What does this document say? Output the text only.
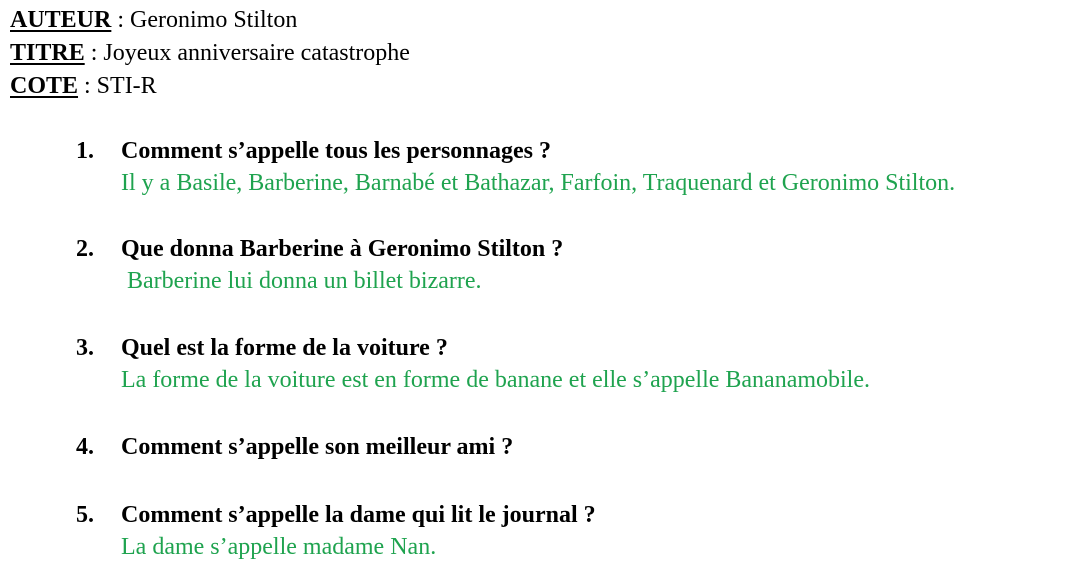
AUTEUR : Geronimo Stilton
TITRE : Joyeux anniversaire catastrophe
COTE : STI-R
1. Comment s’appelle tous les personnages ?
Il y a Basile, Barberine, Barnabé et Bathazar, Farfoin, Traquenard et Geronimo Stilton.
2. Que donna Barberine à Geronimo Stilton ?
Barberine lui donna un billet bizarre.
3. Quel est la forme de la voiture ?
La forme de la voiture est en forme de banane et elle s’appelle Bananamobile.
4. Comment s’appelle son meilleur ami ?
5. Comment s’appelle la dame qui lit le journal ?
La dame s’appelle madame Nan.
